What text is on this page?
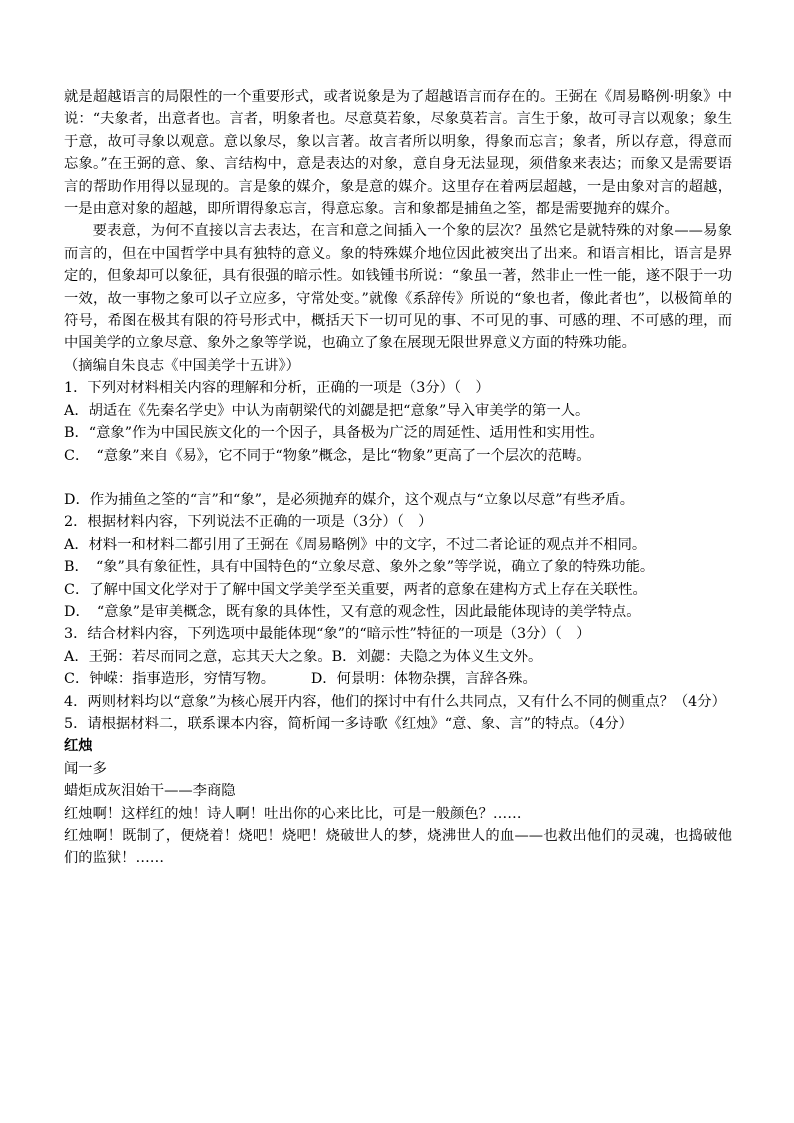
就是超越语言的局限性的一个重要形式，或者说象是为了超越语言而存在的。王弼在《周易略例·明象》中说：“夫象者，出意者也。言者，明象者也。尽意莫若象，尽象莫若言。言生于象，故可寻言以观象；象生于意，故可寻象以观意。意以象尽，象以言著。故言者所以明象，得象而忘言；象者，所以存意，得意而忘象。”在王弼的意、象、言结构中，意是表达的对象，意自身无法显现，须借象来表达；而象又是需要语言的帮助作用得以显现的。言是象的媒介，象是意的媒介。这里存在着两层超越，一是由象对言的超越，一是由意对象的超越，即所谓得象忘言，得意忘象。言和象都是捕鱼之筌，都是需要抛弃的媒介。

要表意，为何不直接以言去表达，在言和意之间插入一个象的层次？虽然它是就特殊的对象——易象而言的，但在中国哲学中具有独特的意义。象的特殊媒介地位因此被突出了出来。和语言相比，语言是界定的，但象却可以象征，具有很强的暗示性。如钱锺书所说：“象虽一著，然非止一性一能，遂不限于一功一效，故一事物之象可以孑立应多，守常处变。”就像《系辞传》所说的“象也者，像此者也”，以极简单的符号，希图在极其有限的符号形式中，概括天下一切可见的事、不可见的事、可感的理、不可感的理，而中国美学的立象尽意、象外之象等学说，也确立了象在展现无限世界意义方面的特殊功能。

（摘编自朱良志《中国美学十五讲》）

1．下列对材料相关内容的理解和分析，正确的一项是（3分）（　）

A．胡适在《先秦名学史》中认为南朝梁代的刘勰是把“意象”导入审美学的第一人。

B．“意象”作为中国民族文化的一个因子，具备极为广泛的周延性、适用性和实用性。

C．　“意象”来自《易》，它不同于“物象”概念，是比“物象”更高了一个层次的范畴。

D．作为捕鱼之筌的“言”和“象”，是必须抛弃的媒介，这个观点与“立象以尽意”有些矛盾。

2．根据材料内容，下列说法不正确的一项是（3分）（　）

A．材料一和材料二都引用了王弼在《周易略例》中的文字，不过二者论证的观点并不相同。

B．　“象”具有象征性，具有中国特色的“立象尽意、象外之象”等学说，确立了象的特殊功能。

C．了解中国文化学对于了解中国文学美学至关重要，两者的意象在建构方式上存在关联性。

D．　“意象”是审美概念，既有象的具体性，又有意的观念性，因此最能体现诗的美学特点。

3．结合材料内容，下列选项中最能体现“象”的“暗示性”特征的一项是（3分）（　）

A．王弼：若尽而同之意，忘其天大之象。B．刘勰：夫隐之为体义生文外。

C．钟嵘：指事造形，穷情写物。　　　D．何景明：体物杂撰，言辞各殊。

4．两则材料均以“意象”为核心展开内容，他们的探讨中有什么共同点，又有什么不同的侧重点？（4分）

5．请根据材料二，联系课本内容，简析闻一多诗歌《红烛》“意、象、言”的特点。（4分）

红烛

闻一多

蜡炬成灰泪始干——李商隐

红烛啊！这样红的烛！诗人啊！吐出你的心来比比，可是一般颜色？……

红烛啊！既制了，便烧着！烧吧！烧吧！烧破世人的梦，烧沸世人的血——也救出他们的灵魂，也捣破他们的监狱！……
